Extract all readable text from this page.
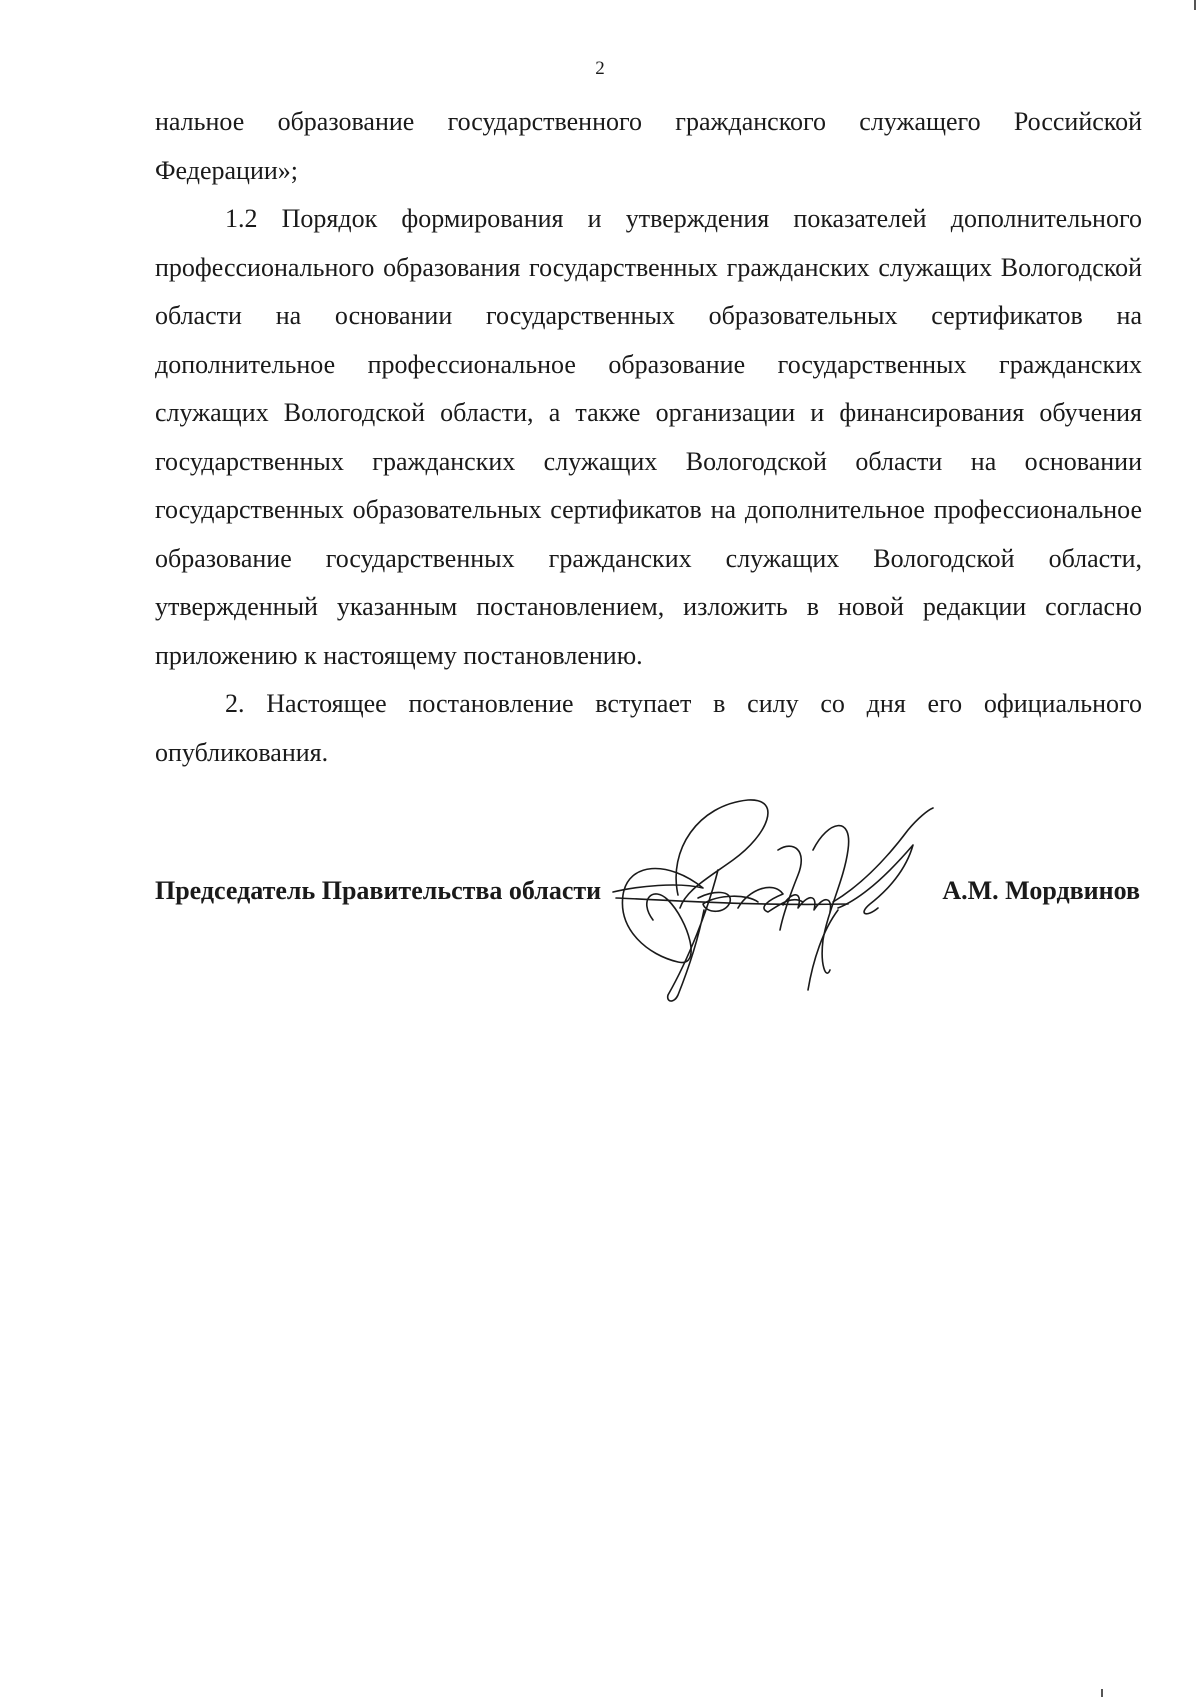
2

нальное образование государственного гражданского служащего Российской Федерации»;

1.2 Порядок формирования и утверждения показателей дополнительного профессионального образования государственных гражданских служащих Вологодской области на основании государственных образовательных сертификатов на дополнительное профессиональное образование государственных гражданских служащих Вологодской области, а также организации и финансирования обучения государственных гражданских служащих Вологодской области на основании государственных образовательных сертификатов на дополнительное профессиональное образование государственных гражданских служащих Вологодской области, утвержденный указанным постановлением, изложить в новой редакции согласно приложению к настоящему постановлению.

2. Настоящее постановление вступает в силу со дня его официального опубликования.

Председатель Правительства области	А.М. Мордвинов
